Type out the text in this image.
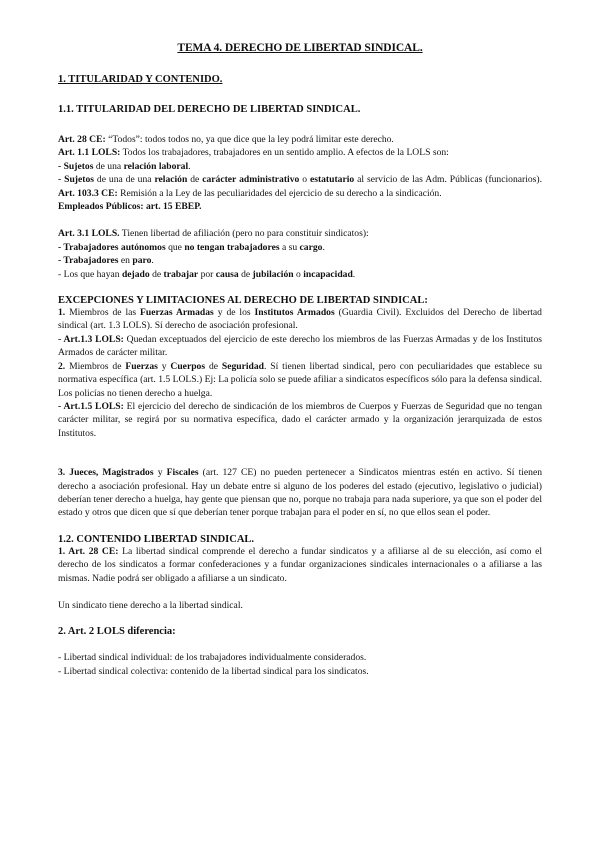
TEMA 4. DERECHO DE LIBERTAD SINDICAL.
1. TITULARIDAD Y CONTENIDO.
1.1. TITULARIDAD DEL DERECHO DE LIBERTAD SINDICAL.

Art. 28 CE: “Todos”: todos todos no, ya que dice que la ley podrá limitar este derecho.

Art. 1.1 LOLS: Todos los trabajadores, trabajadores en un sentido amplio. A efectos de la LOLS son:

- Sujetos de una relación laboral.

- Sujetos de una de una relación de carácter administrativo o estatutario al servicio de las Adm. Públicas (funcionarios). Art. 103.3 CE: Remisión a la Ley de las peculiaridades del ejercicio de su derecho a la sindicación.

Empleados Públicos: art. 15 EBEP.

Art. 3.1 LOLS. Tienen libertad de afiliación (pero no para constituir sindicatos):

- Trabajadores autónomos que no tengan trabajadores a su cargo.

- Trabajadores en paro.

- Los que hayan dejado de trabajar por causa de jubilación o incapacidad.

EXCEPCIONES Y LIMITACIONES AL DERECHO DE LIBERTAD SINDICAL:

1. Miembros de las Fuerzas Armadas y de los Institutos Armados (Guardia Civil). Excluidos del Derecho de libertad sindical (art. 1.3 LOLS). Sí derecho de asociación profesional.

- Art.1.3 LOLS: Quedan exceptuados del ejercicio de este derecho los miembros de las Fuerzas Armadas y de los Institutos Armados de carácter militar.

2. Miembros de Fuerzas y Cuerpos de Seguridad. Sí tienen libertad sindical, pero con peculiaridades que establece su normativa específica (art. 1.5 LOLS.) Ej: La policía solo se puede afiliar a sindicatos específicos sólo para la defensa sindical. Los policías no tienen derecho a huelga.

- Art.1.5 LOLS: El ejercicio del derecho de sindicación de los miembros de Cuerpos y Fuerzas de Seguridad que no tengan carácter militar, se regirá por su normativa específica, dado el carácter armado y la organización jerarquizada de estos Institutos.

3. Jueces, Magistrados y Fiscales (art. 127 CE) no pueden pertenecer a Sindicatos mientras estén en activo. Sí tienen derecho a asociación profesional. Hay un debate entre si alguno de los poderes del estado (ejecutivo, legislativo o judicial) deberían tener derecho a huelga, hay gente que piensan que no, porque no trabaja para nada superiore, ya que son el poder del estado y otros que dicen que sí que deberían tener porque trabajan para el poder en sí, no que ellos sean el poder.

1.2. CONTENIDO LIBERTAD SINDICAL.

1. Art. 28 CE: La libertad sindical comprende el derecho a fundar sindicatos y a afiliarse al de su elección, así como el derecho de los sindicatos a formar confederaciones y a fundar organizaciones sindicales internacionales o a afiliarse a las mismas. Nadie podrá ser obligado a afiliarse a un sindicato.

Un sindicato tiene derecho a la libertad sindical.

2. Art. 2 LOLS diferencia:

- Libertad sindical individual: de los trabajadores individualmente considerados.

- Libertad sindical colectiva: contenido de la libertad sindical para los sindicatos.
